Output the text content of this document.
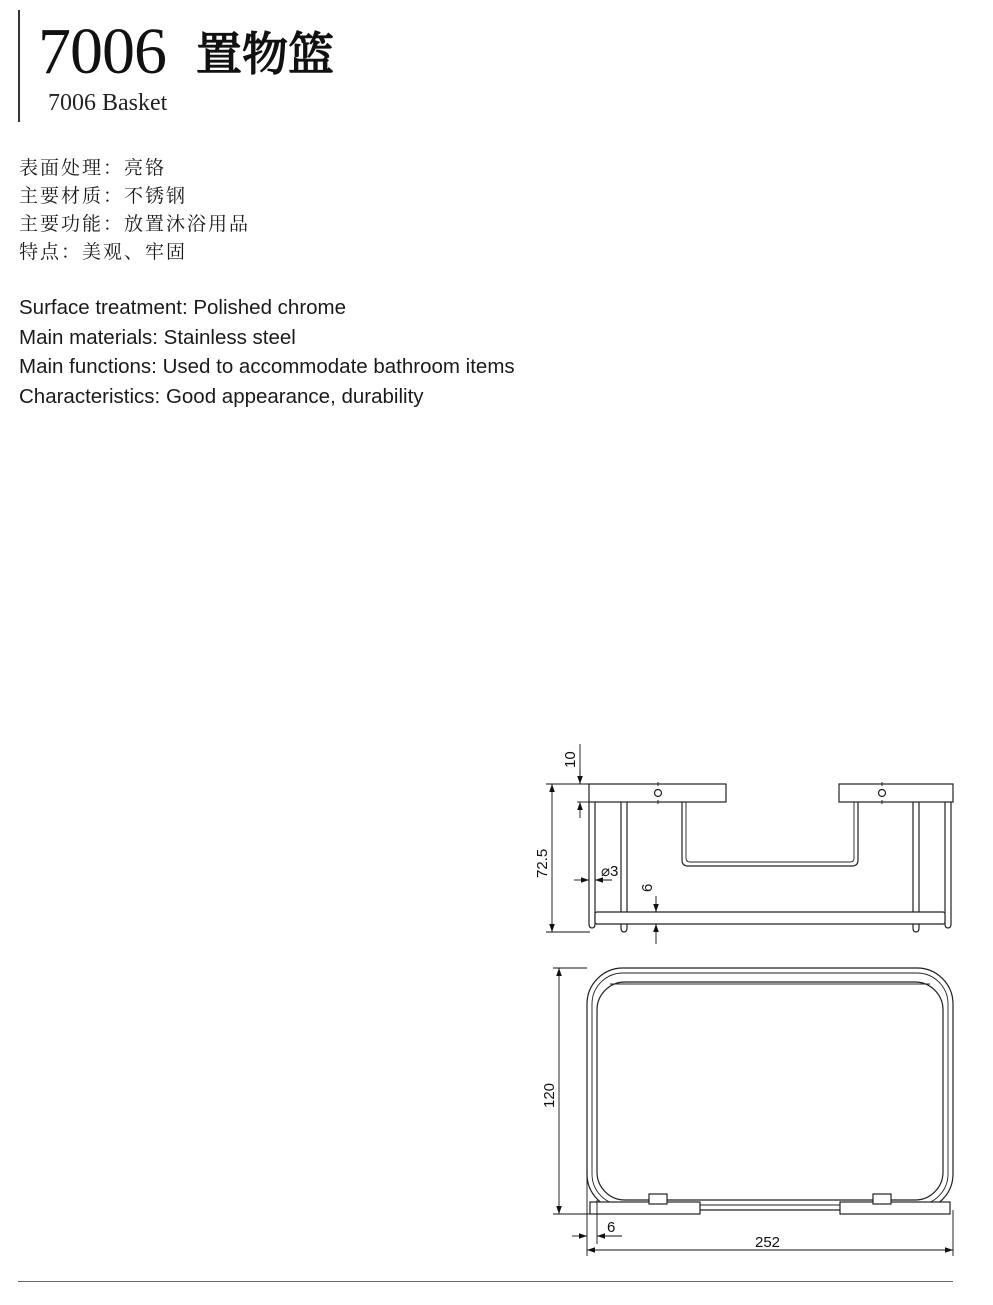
7006 置物篮
7006 Basket
表面处理：亮铬
主要材质：不锈钢
主要功能：放置沐浴用品
特点：美观、牢固
Surface treatment: Polished chrome
Main materials: Stainless steel
Main functions: Used to accommodate bathroom items
Characteristics: Good appearance, durability
10
72.5	⌀3
6
120
6
252
